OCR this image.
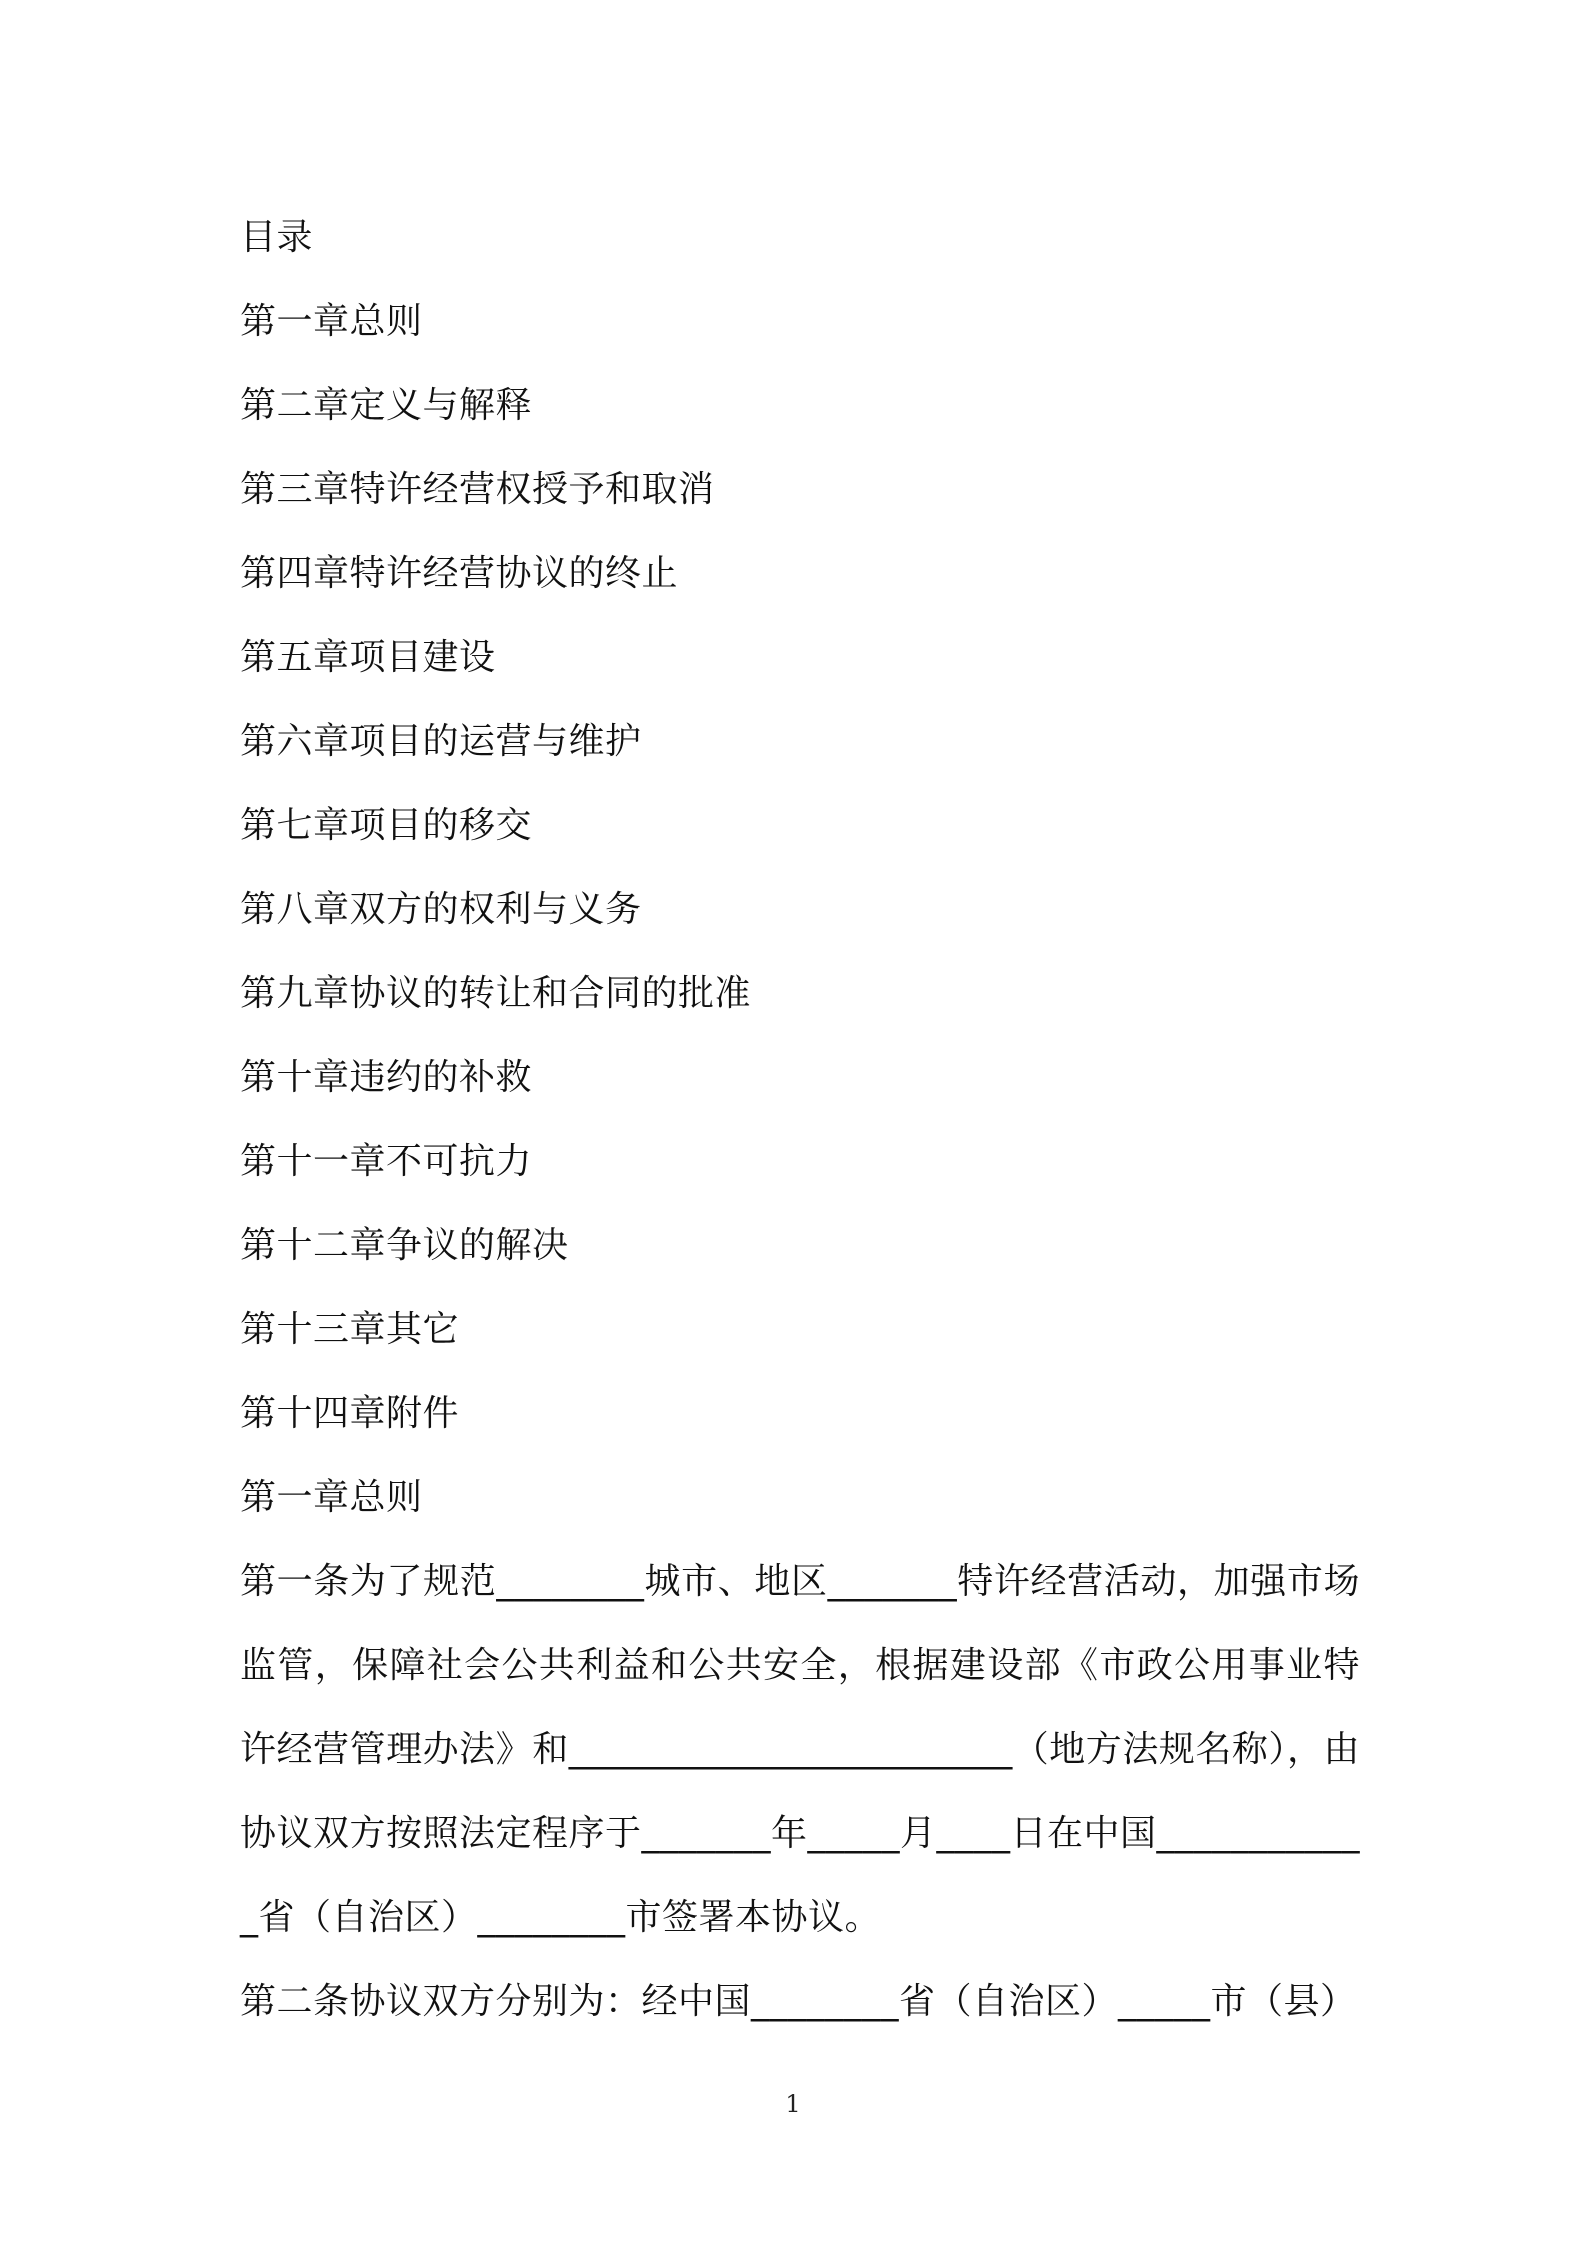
目录

第一章总则

第二章定义与解释

第三章特许经营权授予和取消

第四章特许经营协议的终止

第五章项目建设

第六章项目的运营与维护

第七章项目的移交

第八章双方的权利与义务

第九章协议的转让和合同的批准

第十章违约的补救

第十一章不可抗力

第十二章争议的解决

第十三章其它

第十四章附件

第一章总则

第一条为了规范________城市、地区_______特许经营活动，加强市场监管，保障社会公共利益和公共安全，根据建设部《市政公用事业特许经营管理办法》和________________________（地方法规名称），由协议双方按照法定程序于_______年_____月____日在中国____________省（自治区）________市签署本协议。

第二条协议双方分别为：经中国________省（自治区）_____市（县）

1
